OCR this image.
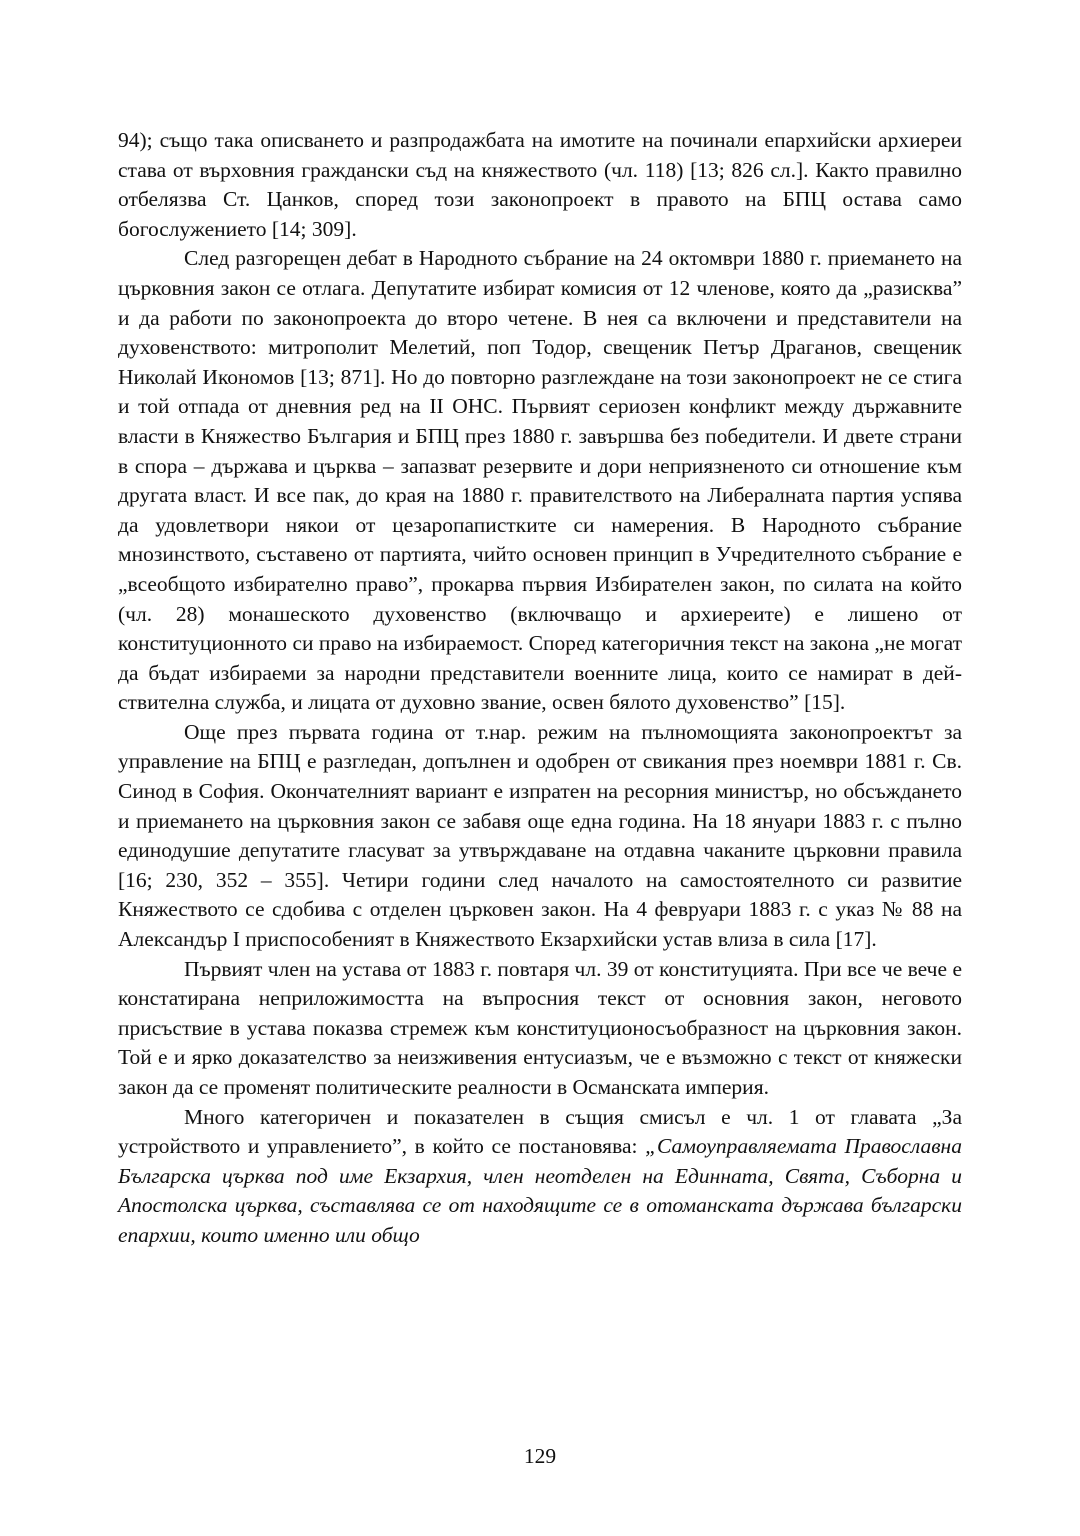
94); също така описването и разпродажбата на имотите на починали епархийски архиереи става от върховния граждански съд на княжеството (чл. 118) [13; 826 сл.]. Както правилно отбелязва Ст. Цанков, според този законопроект в правото на БПЦ остава само богослужението [14; 309].

След разгорещен дебат в Народното събрание на 24 октомври 1880 г. приемането на църковния закон се отлага. Депутатите избират комисия от 12 членове, която да „разисква” и да работи по законопроекта до второ четене. В нея са включени и представители на духовенството: митрополит Мелетий, поп Тодор, свещеник Петър Драганов, свещеник Николай Икономов [13; 871]. Но до повторно разглеждане на този законопроект не се стига и той отпада от дневния ред на II ОНС. Първият сериозен конфликт между държавните власти в Княжество България и БПЦ през 1880 г. завършва без победители. И двете страни в спора – държава и църква – запазват резервите и дори неприязненото си отношение към другата власт. И все пак, до края на 1880 г. правителството на Либералната партия успява да удовлетвори някои от цезаропапистките си намерения. В Народното събрание мнозинството, съставено от партията, чийто основен принцип в Учредителното събрание е „всеобщото избирателно право”, прокарва първия Избирателен закон, по силата на който (чл. 28) монашеското духовенство (включващо и архиереите) е лишено от конституционното си право на избираемост. Според категоричния текст на закона „не могат да бъдат избираеми за народни представители военните лица, които се намират в действителна служба, и лицата от духовно звание, освен бялото духовенство” [15].

Още през първата година от т.нар. режим на пълномощията законопроектът за управление на БПЦ е разгледан, допълнен и одобрен от свикания през ноември 1881 г. Св. Синод в София. Окончателният вариант е изпратен на ресорния министър, но обсъждането и приемането на църковния закон се забавя още една година. На 18 януари 1883 г. с пълно единодушие депутатите гласуват за утвърждаване на отдавна чаканите църковни правила [16; 230, 352 – 355]. Четири години след началото на самостоятелното си развитие Княжеството се сдобива с отделен църковен закон. На 4 февруари 1883 г. с указ № 88 на Александър I приспособеният в Княжеството Екзархийски устав влиза в сила [17].

Първият член на устава от 1883 г. повтаря чл. 39 от конституцията. При все че вече е констатирана неприложимостта на въпросния текст от основния закон, неговото присъствие в устава показва стремеж към конституционосъобразност на църковния закон. Той е и ярко доказателство за неизживения ентусиазъм, че е възможно с текст от княжески закон да се променят политическите реалности в Османската империя.

Много категоричен и показателен в същия смисъл е чл. 1 от главата „За устройството и управлението”, в който се постановява: „Самоуправляемата Православна Българска църква под име Екзархия, член неотделен на Единната, Свята, Съборна и Апостолска църква, съставлява се от находящите се в отоманската държава български епархии, които именно или общо

129
